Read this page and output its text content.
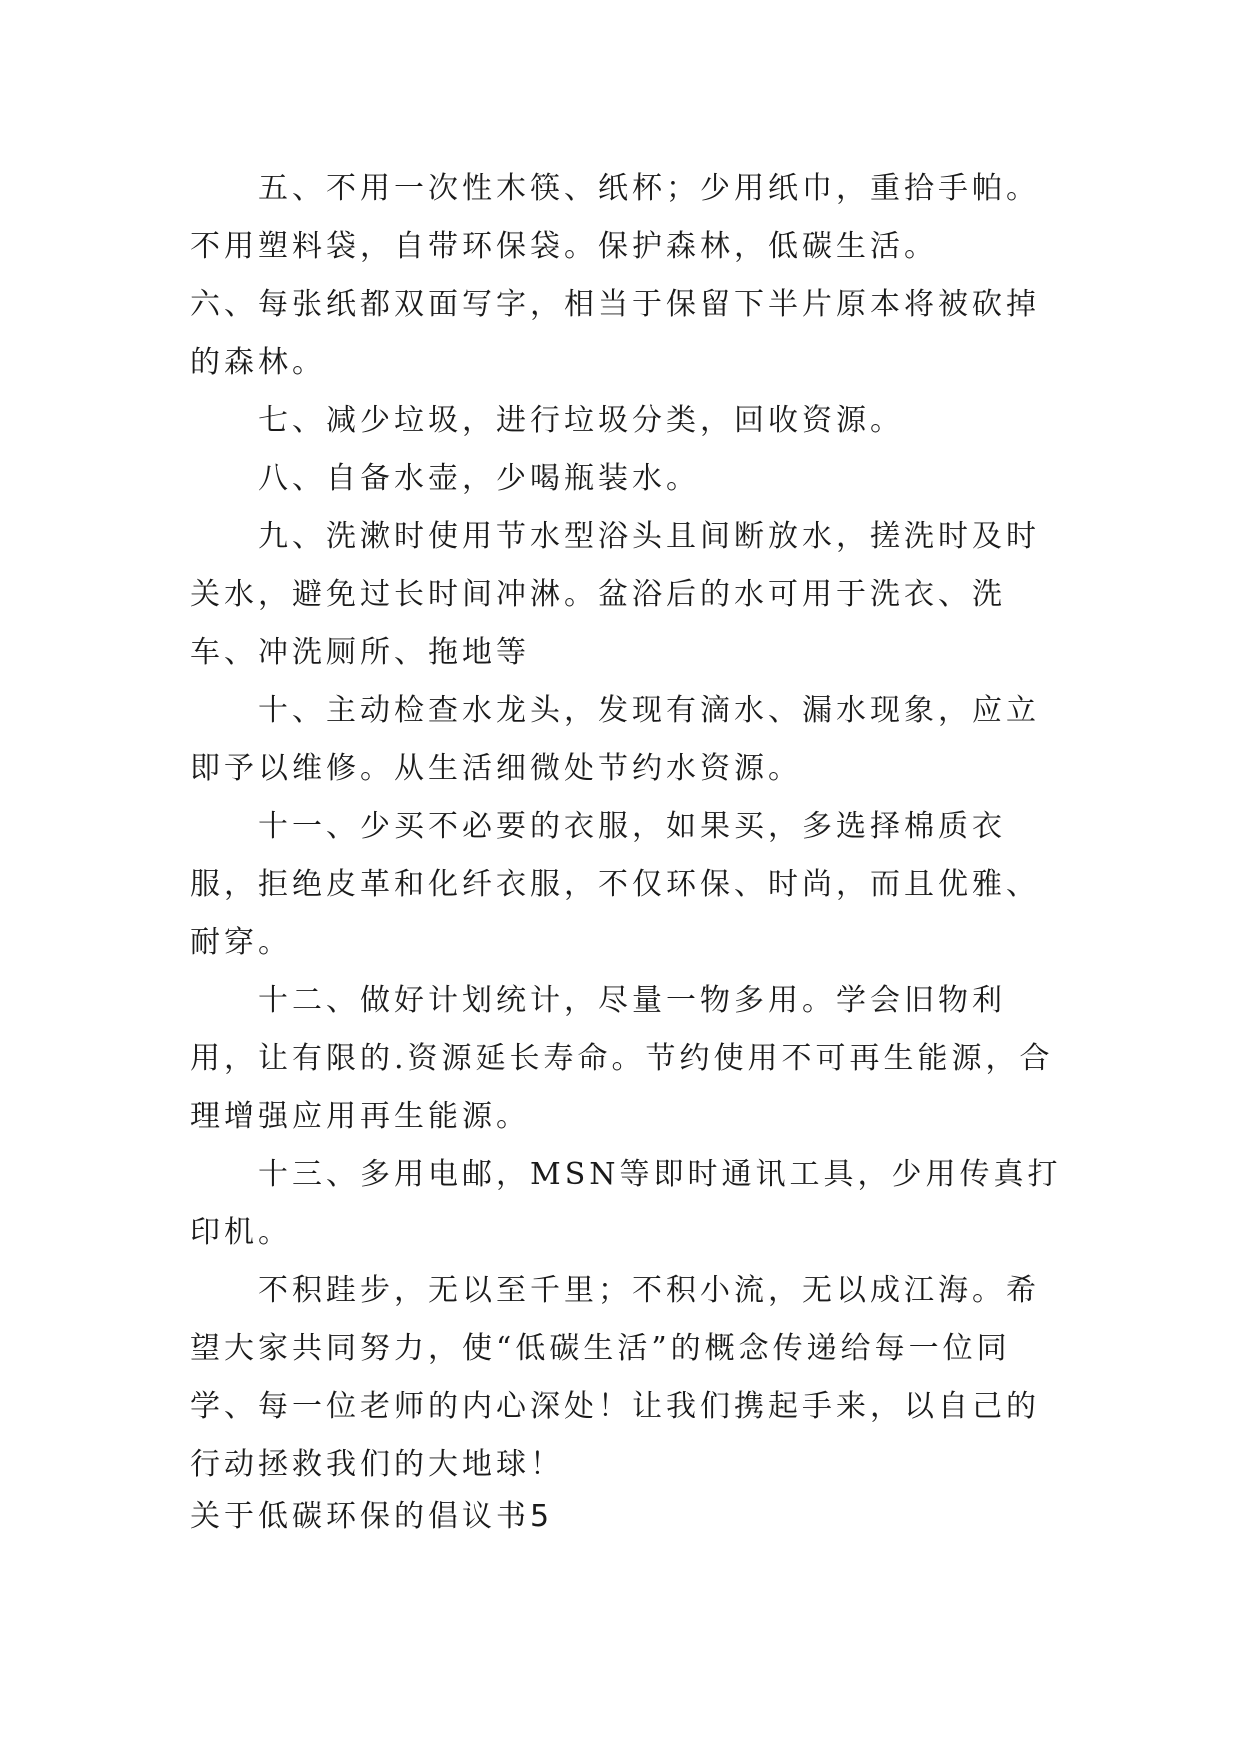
五、不用一次性木筷、纸杯；少用纸巾，重拾手帕。不用塑料袋，自带环保袋。保护森林，低碳生活。

六、每张纸都双面写字，相当于保留下半片原本将被砍掉的森林。

七、减少垃圾，进行垃圾分类，回收资源。

八、自备水壶，少喝瓶装水。

九、洗漱时使用节水型浴头且间断放水，搓洗时及时关水，避免过长时间冲淋。盆浴后的水可用于洗衣、洗车、冲洗厕所、拖地等

十、主动检查水龙头，发现有滴水、漏水现象，应立即予以维修。从生活细微处节约水资源。

十一、少买不必要的衣服，如果买，多选择棉质衣服，拒绝皮革和化纤衣服，不仅环保、时尚，而且优雅、耐穿。

十二、做好计划统计，尽量一物多用。学会旧物利用，让有限的.资源延长寿命。节约使用不可再生能源，合理增强应用再生能源。

十三、多用电邮，MSN等即时通讯工具，少用传真打印机。

不积跬步，无以至千里；不积小流，无以成江海。希望大家共同努力，使“低碳生活”的概念传递给每一位同学、每一位老师的内心深处！让我们携起手来，以自己的行动拯救我们的大地球！

关于低碳环保的倡议书5
